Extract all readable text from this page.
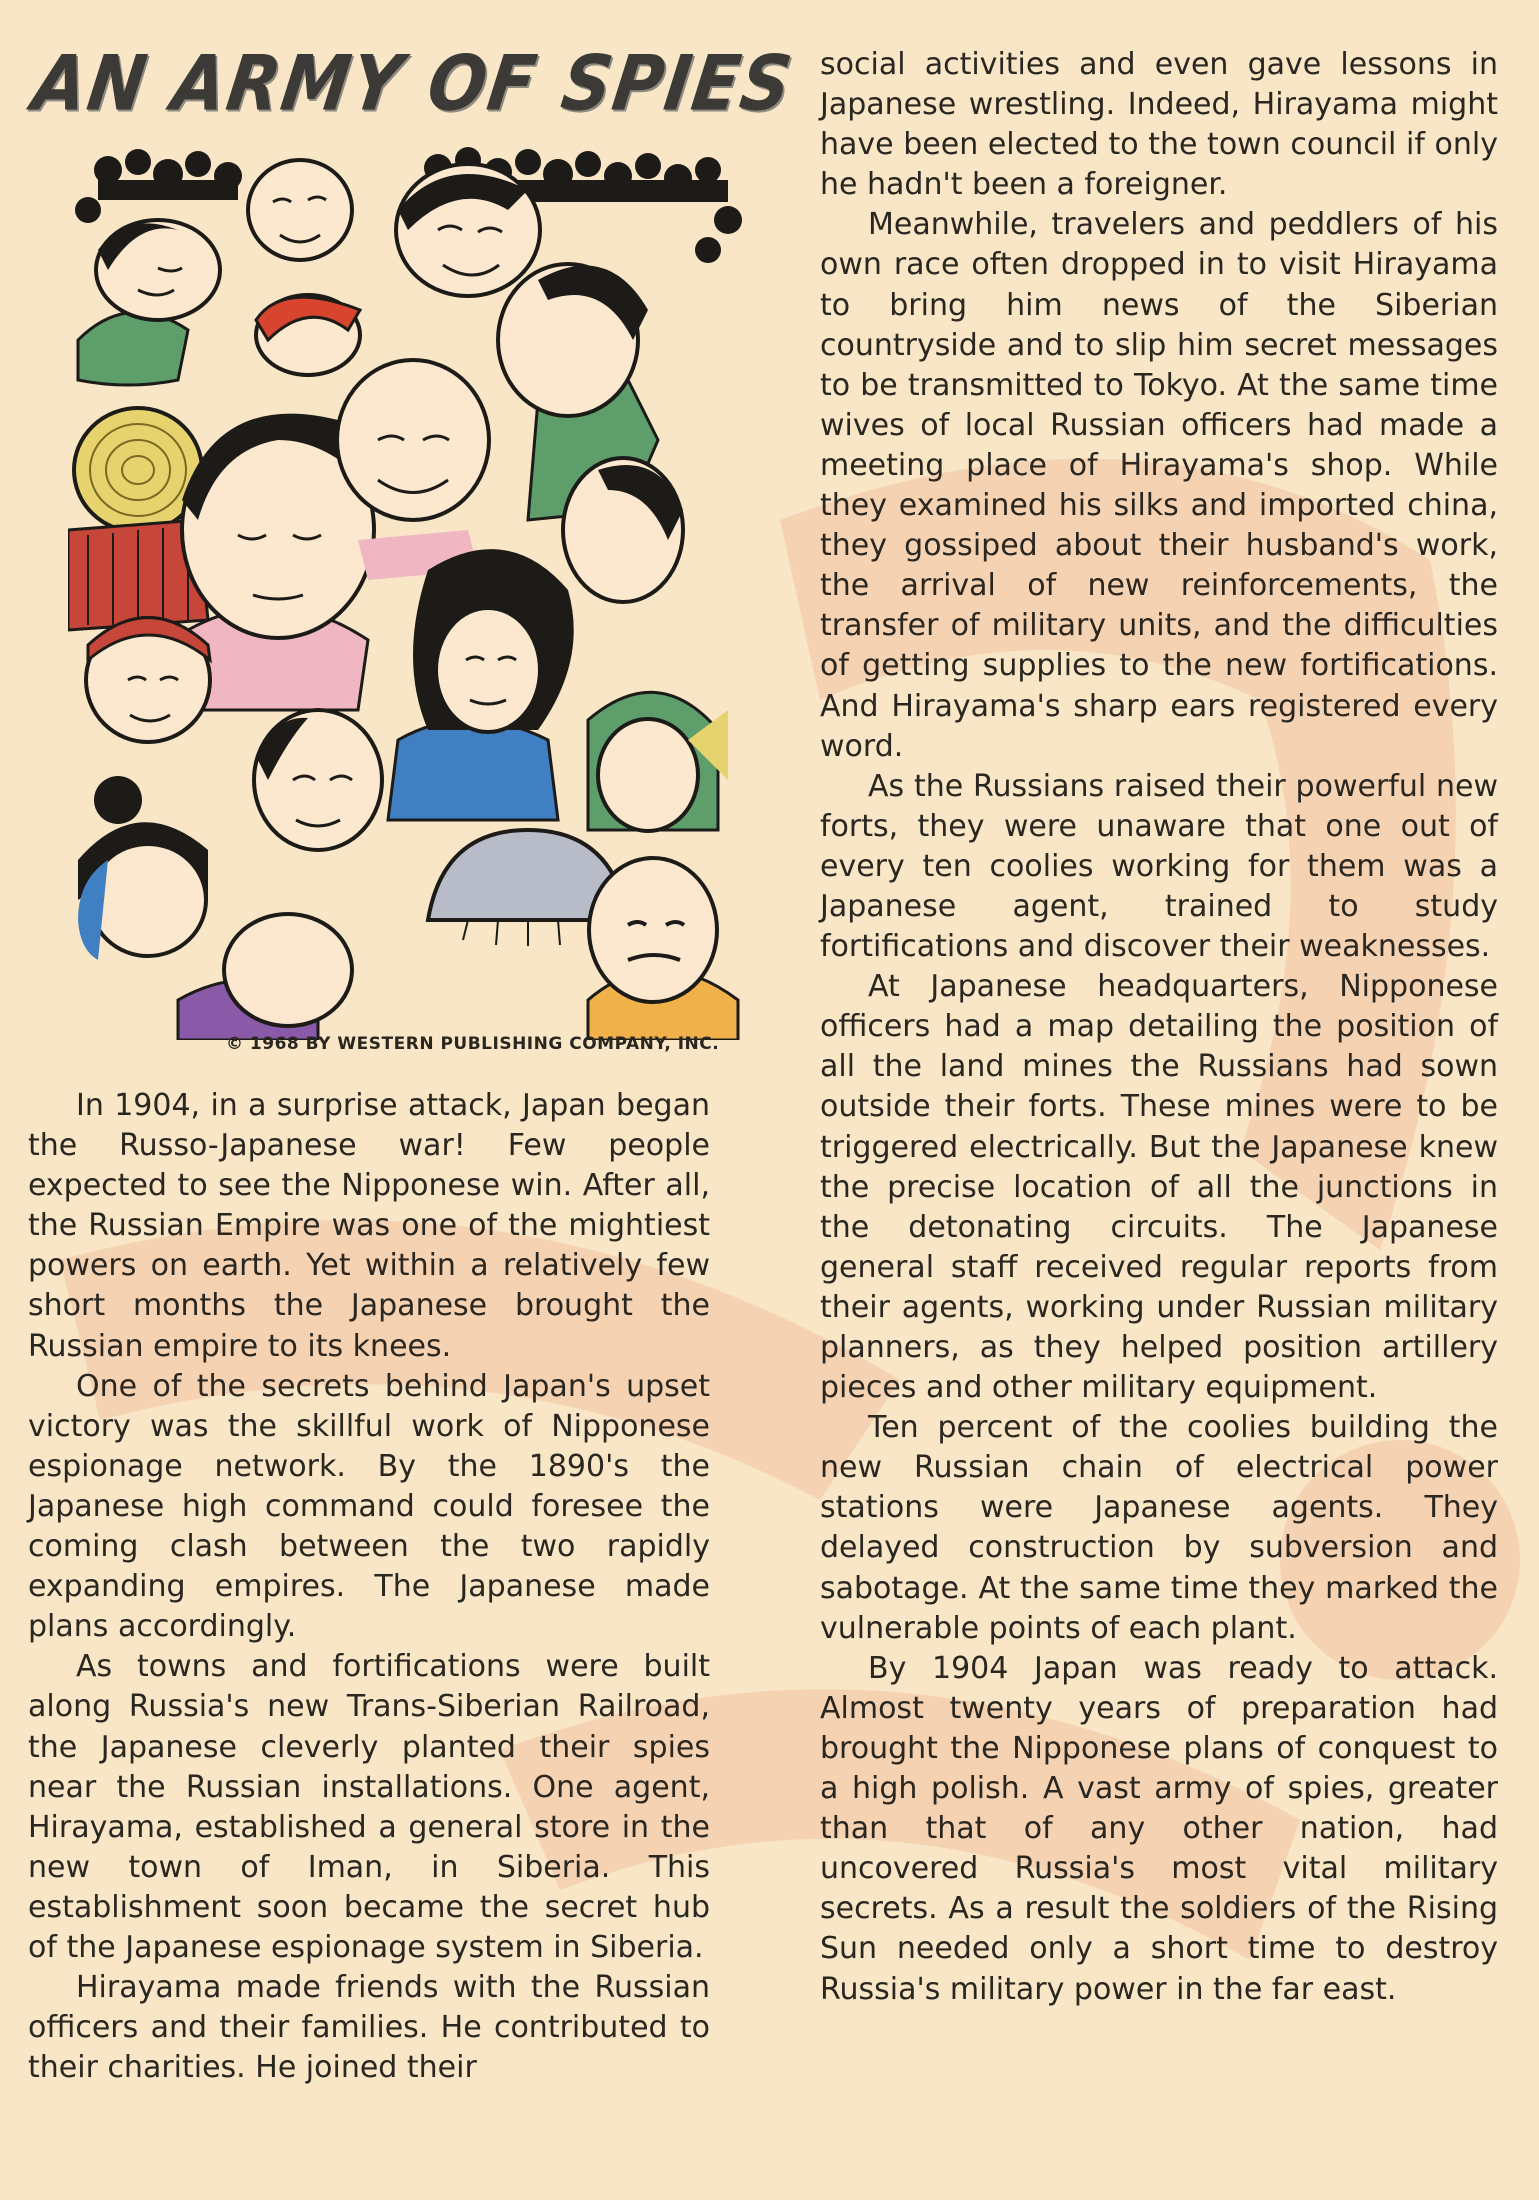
AN ARMY OF SPIES
© 1968 BY WESTERN PUBLISHING COMPANY, INC.

In 1904, in a surprise attack, Japan began the Russo-Japanese war! Few people expected to see the Nipponese win. After all, the Russian Empire was one of the mightiest powers on earth. Yet within a relatively few short months the Japanese brought the Russian empire to its knees.

One of the secrets behind Japan's upset victory was the skillful work of Nipponese espionage network. By the 1890's the Japanese high command could foresee the coming clash between the two rapidly expanding empires. The Japanese made plans accordingly.

As towns and fortifications were built along Russia's new Trans-Siberian Railroad, the Japanese cleverly planted their spies near the Russian installations. One agent, Hirayama, established a general store in the new town of Iman, in Siberia. This establishment soon became the secret hub of the Japanese espionage system in Siberia.

Hirayama made friends with the Russian officers and their families. He contributed to their charities. He joined their

social activities and even gave lessons in Japanese wrestling. Indeed, Hirayama might have been elected to the town council if only he hadn't been a foreigner.

Meanwhile, travelers and peddlers of his own race often dropped in to visit Hirayama to bring him news of the Siberian countryside and to slip him secret messages to be transmitted to Tokyo. At the same time wives of local Russian officers had made a meeting place of Hirayama's shop. While they examined his silks and imported china, they gossiped about their husband's work, the arrival of new reinforcements, the transfer of military units, and the difficulties of getting supplies to the new fortifications. And Hirayama's sharp ears registered every word.

As the Russians raised their powerful new forts, they were unaware that one out of every ten coolies working for them was a Japanese agent, trained to study fortifications and discover their weaknesses.

At Japanese headquarters, Nipponese officers had a map detailing the position of all the land mines the Russians had sown outside their forts. These mines were to be triggered electrically. But the Japanese knew the precise location of all the junctions in the detonating circuits. The Japanese general staff received regular reports from their agents, working under Russian military planners, as they helped position artillery pieces and other military equipment.

Ten percent of the coolies building the new Russian chain of electrical power stations were Japanese agents. They delayed construction by subversion and sabotage. At the same time they marked the vulnerable points of each plant.

By 1904 Japan was ready to attack. Almost twenty years of preparation had brought the Nipponese plans of conquest to a high polish. A vast army of spies, greater than that of any other nation, had uncovered Russia's most vital military secrets. As a result the soldiers of the Rising Sun needed only a short time to destroy Russia's military power in the far east.
